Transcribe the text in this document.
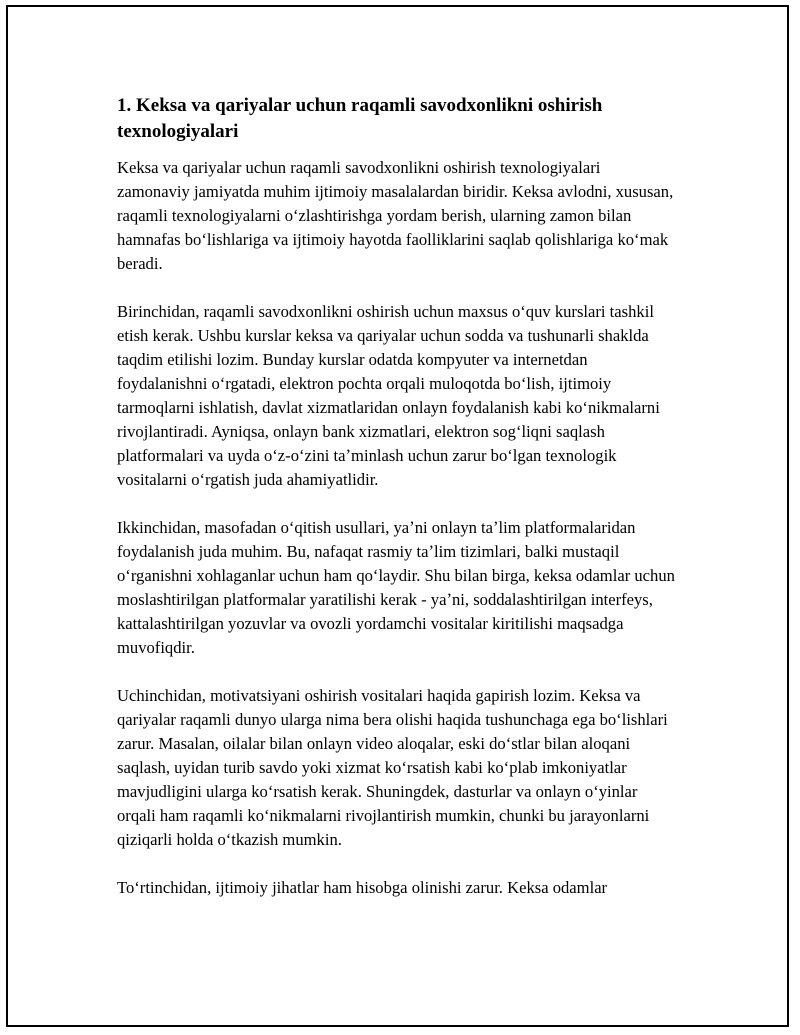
1. Keksa va qariyalar uchun raqamli savodxonlikni oshirish texnologiyalari

Keksa va qariyalar uchun raqamli savodxonlikni oshirish texnologiyalari zamonaviy jamiyatda muhim ijtimoiy masalalardan biridir. Keksa avlodni, xususan, raqamli texnologiyalarni oʻzlashtirishga yordam berish, ularning zamon bilan hamnafas boʻlishlariga va ijtimoiy hayotda faolliklarini saqlab qolishlariga koʻmak beradi.

Birinchidan, raqamli savodxonlikni oshirish uchun maxsus oʻquv kurslari tashkil etish kerak. Ushbu kurslar keksa va qariyalar uchun sodda va tushunarli shaklda taqdim etilishi lozim. Bunday kurslar odatda kompyuter va internetdan foydalanishni oʻrgatadi, elektron pochta orqali muloqotda boʻlish, ijtimoiy tarmoqlarni ishlatish, davlat xizmatlaridan onlayn foydalanish kabi koʻnikmalarni rivojlantiradi. Ayniqsa, onlayn bank xizmatlari, elektron sogʻliqni saqlash platformalari va uyda oʻz-oʻzini taʼminlash uchun zarur boʻlgan texnologik vositalarni oʻrgatish juda ahamiyatlidir.

Ikkinchidan, masofadan oʻqitish usullari, yaʼni onlayn taʼlim platformalaridan foydalanish juda muhim. Bu, nafaqat rasmiy taʼlim tizimlari, balki mustaqil oʻrganishni xohlaganlar uchun ham qoʻlaydir. Shu bilan birga, keksa odamlar uchun moslashtirilgan platformalar yaratilishi kerak - yaʼni, soddalashtirilgan interfeys, kattalashtirilgan yozuvlar va ovozli yordamchi vositalar kiritilishi maqsadga muvofiqdir.

Uchinchidan, motivatsiyani oshirish vositalari haqida gapirish lozim. Keksa va qariyalar raqamli dunyo ularga nima bera olishi haqida tushunchaga ega boʻlishlari zarur. Masalan, oilalar bilan onlayn video aloqalar, eski doʻstlar bilan aloqani saqlash, uyidan turib savdo yoki xizmat koʻrsatish kabi koʻplab imkoniyatlar mavjudligini ularga koʻrsatish kerak. Shuningdek, dasturlar va onlayn oʻyinlar orqali ham raqamli koʻnikmalarni rivojlantirish mumkin, chunki bu jarayonlarni qiziqarli holda oʻtkazish mumkin.

Toʻrtinchidan, ijtimoiy jihatlar ham hisobga olinishi zarur. Keksa odamlar
